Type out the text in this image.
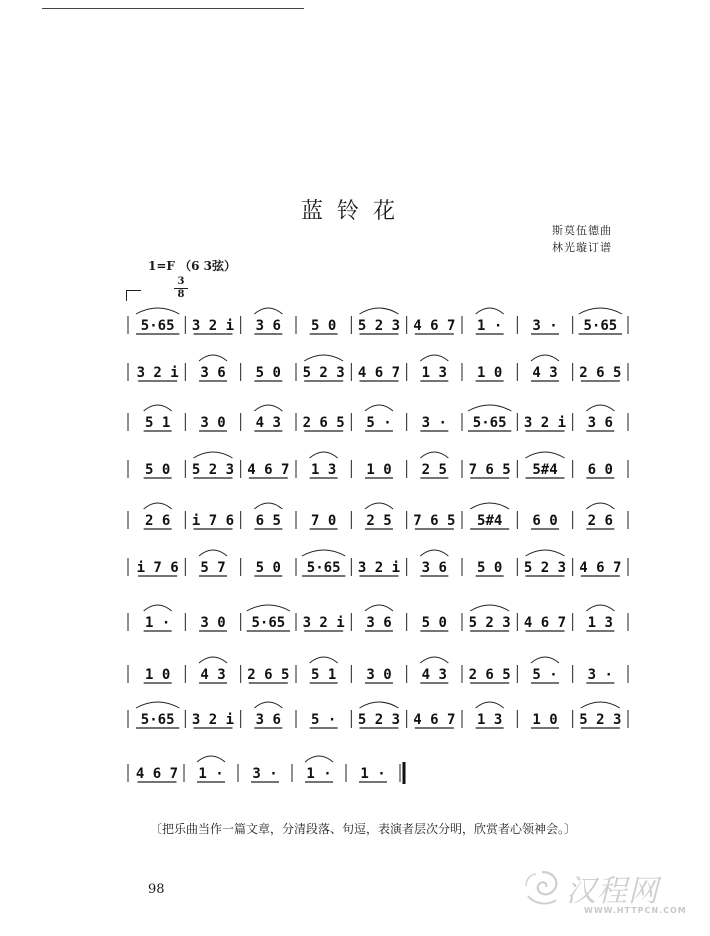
蓝铃花
斯莫伍德曲
林光璇订谱
1=F （6 3弦）
3
8
5·65 3 2 i 3 6 5 0 5 2 3 4 6 7 1 · 3 · 5·65
3 2 i 3 6 5 0 5 2 3 4 6 7 1 3 1 0 4 3 2 6 5
5 1 3 0 4 3 2 6 5 5 · 3 · 5·65 3 2 i 3 6
5 0 5 2 3 4 6 7 1 3 1 0 2 5 7 6 5 5#4 6 0
2 6 i 7 6 6 5 7 0 2 5 7 6 5 5#4 6 0 2 6
i 7 6 5 7 5 0 5·65 3 2 i 3 6 5 0 5 2 3 4 6 7
1 · 3 0 5·65 3 2 i 3 6 5 0 5 2 3 4 6 7 1 3
1 0 4 3 2 6 5 5 1 3 0 4 3 2 6 5 5 · 3 ·
5·65 3 2 i 3 6 5 · 5 2 3 4 6 7 1 3 1 0 5 2 3
4 6 7 1 · 3 · 1 · 1 ·
〔把乐曲当作一篇文章，分清段落、句逗，表演者层次分明，欣赏者心领神会。〕
98	汉程网
WWW.HTTPCN.COM
